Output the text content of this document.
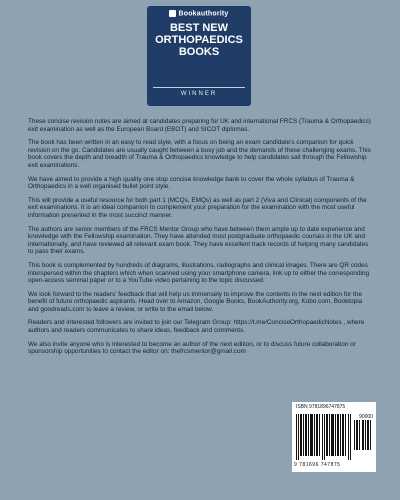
Bookauthority
BEST NEW
ORTHOPAEDICS
BOOKS
WINNER

These concise revision notes are aimed at candidates preparing for UK and international FRCS (Trauma & Orthopaedics) exit examination as well as the European Board (EBOT) and SICOT diplomas.

The book has been written in an easy to read style, with a focus on being an exam candidate's companion for quick revision on the go. Candidates are usually caught between a busy job and the demands of these challenging exams. This book covers the depth and breadth of Trauma & Orthopaedics knowledge to help candidates sail through the Fellowship exit examinations.

We have aimed to provide a high quality one stop concise knowledge bank to cover the whole syllabus of Trauma & Orthopaedics in a well organised bullet point style.

This will provide a useful resource for both part 1 (MCQs, EMQs) as well as part 2 (Viva and Clinical) components of the exit examinations. It is an ideal companion to complement your preparation for the examination with the most useful information presented in the most succinct manner.

The authors are senior members of the FRCS Mentor Group who have between them ample up to date experience and knowledge with the Fellowship examination. They have attended most postgraduate orthopaedic courses in the UK and internationally, and have reviewed all relevant exam book. They have excellent track records of helping many candidates to pass their exams.

This book is complemented by hundreds of diagrams, illustrations, radiographs and clinical images. There are QR codes interspersed within the chapters which when scanned using your smartphone camera, link up to either the corresponding open-access seminal paper or to a YouTube video pertaining to the topic discussed.

We look forward to the readers' feedback that will help us immensely to improve the contents in the next edition for the benefit of future orthopaedic aspirants. Head over to Amazon, Google Books, BookAuthority.org, Kobo.com, Booktopia and goodreads.com to leave a review, or write to the email below.

Readers and interested followers are invited to join our Telegram Group: https://t.me/ConciseOrthopaedicNotes , where authors and readers communicates to share ideas, feedback and comments.

We also invite anyone who is interested to become an author of the next edition, or to discuss future collaboration or sponsorship opportunities to contact the editor on: thefrcsmentor@gmail.com

ISBN 9781896747875
90000
9 781696 747875
